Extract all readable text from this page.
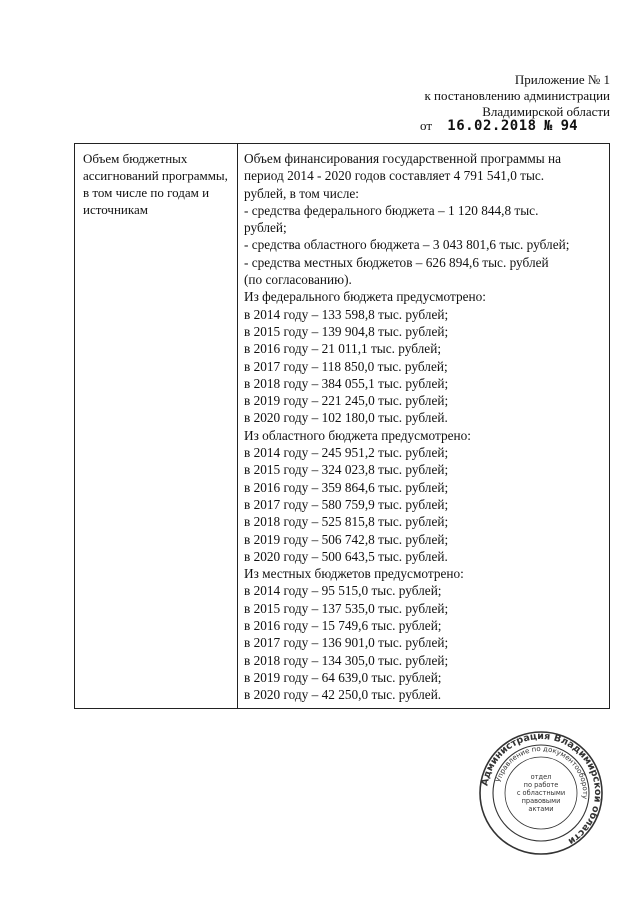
Приложение № 1
к постановлению администрации
Владимирской области
от 16.02.2018 № 94
Объем бюджетных ассигнований программы, в том числе по годам и источникам	
Объем финансирования государственной программы на
период 2014 - 2020 годов составляет 4 791 541,0 тыс.
рублей, в том числе:
- средства федерального бюджета – 1 120 844,8 тыс.
рублей;
- средства областного бюджета – 3 043 801,6 тыс. рублей;
- средства местных бюджетов – 626 894,6 тыс. рублей
(по согласованию).
Из федерального бюджета предусмотрено:
в 2014 году – 133 598,8 тыс. рублей;
в 2015 году – 139 904,8 тыс. рублей;
в 2016 году – 21 011,1 тыс. рублей;
в 2017 году – 118 850,0 тыс. рублей;
в 2018 году – 384 055,1 тыс. рублей;
в 2019 году – 221 245,0 тыс. рублей;
в 2020 году – 102 180,0 тыс. рублей.
Из областного бюджета предусмотрено:
в 2014 году – 245 951,2 тыс. рублей;
в 2015 году – 324 023,8 тыс. рублей;
в 2016 году – 359 864,6 тыс. рублей;
в 2017 году – 580 759,9 тыс. рублей;
в 2018 году – 525 815,8 тыс. рублей;
в 2019 году – 506 742,8 тыс. рублей;
в 2020 году – 500 643,5 тыс. рублей.
Из местных бюджетов предусмотрено:
в 2014 году – 95 515,0 тыс. рублей;
в 2015 году – 137 535,0 тыс. рублей;
в 2016 году – 15 749,6 тыс. рублей;
в 2017 году – 136 901,0 тыс. рублей;
в 2018 году – 134 305,0 тыс. рублей;
в 2019 году – 64 639,0 тыс. рублей;
в 2020 году – 42 250,0 тыс. рублей.
Администрация Владимирской области
Управление по документообороту
отдел
по работе
с областными
правовыми
актами
